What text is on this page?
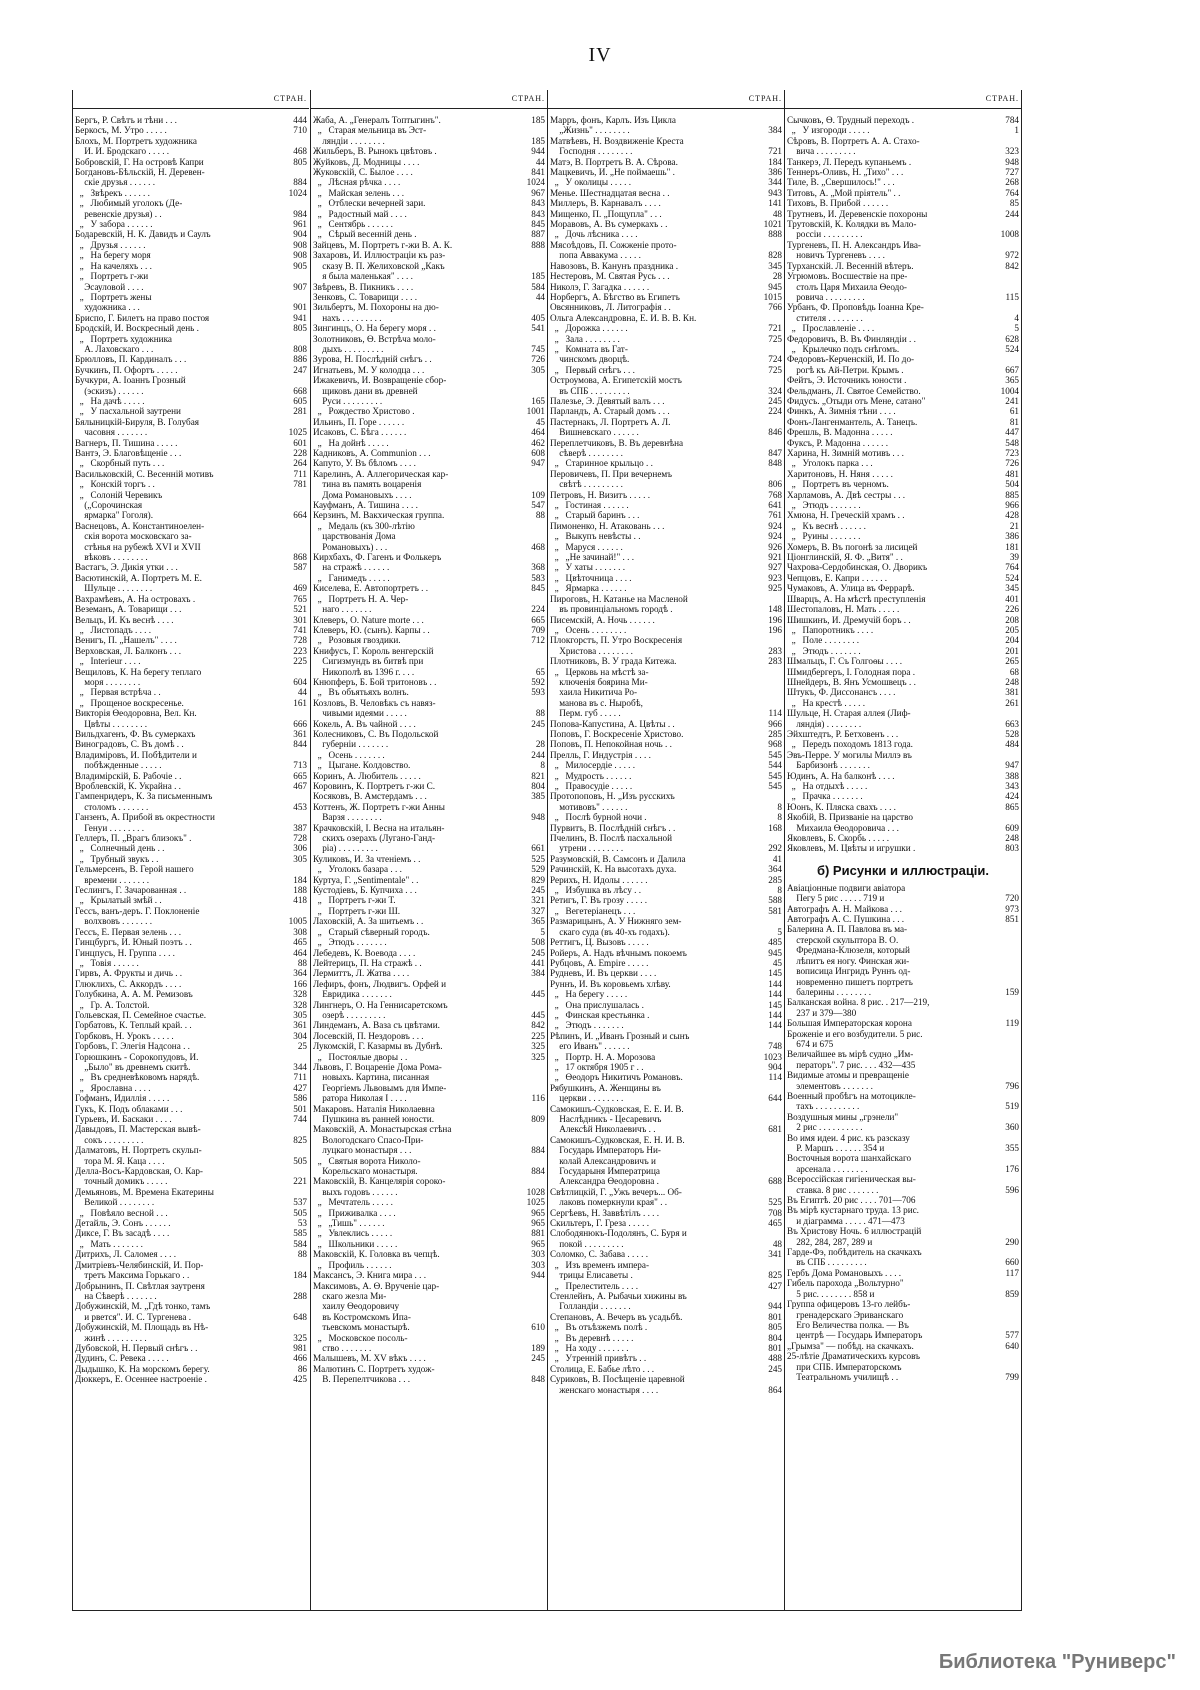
IV
СТРАН.
Бергъ, Р. Свѣтъ и тѣни . . .	444
Беркосъ, М. Утро . . . . .	710
Блохъ, М. Портретъ художника
И. И. Бродскаго . . . . .	468
Бобровскій, Г. На островѣ Капри	805
Богдановъ-Бѣльскій, Н. Деревен-
скіе друзья . . . . . .	884
„   Звѣрекъ . . . . . .	1024
„   Любимый уголокъ (Де-
ревенскіе друзья) . .	984
„   У забора . . . . . .	961
Бодаревскій, Н. К. Давидъ и Саулъ	904
„   Друзья . . . . . .	908
„   На берегу моря	908
„   На качеляхъ . . .	905
„   Портретъ г-жи
Эсауловой . . . .	907
„   Портретъ жены
художника . . .	901
Бриспо, Г. Билетъ на право постоя	941
Бродскій, И. Воскресный день .	805
„   Портретъ художника
А. Лаховскаго . . .	808
Брюлловъ, П. Кардиналъ . . .	886
Бучкинъ, П. Офортъ . . . . .	247
Бучкури, А. Іоаннъ Грозный
(эскизъ) . . . . . .	668
„   На дачѣ . . . . .	605
„   У пасхальной заутрени	281
Бялыницкій-Бируля, В. Голубая
часовня . . . . . . .	1025
Вагнеръ, П. Тишина . . . . .	601
Вантэ, Э. Благовѣщеніе . . .	228
„   Скорбный путь . . .	264
Васильковскій, С. Весенній мотивъ	711
„   Конскій торгъ . .	781
„   Солоній Черевикъ
(„Сорочинская
ярмарка" Гоголя).	664
Васнецовъ, А. Константиноелен-
скія ворота московскаго за-
стѣнья на рубежѣ XVI и XVII
вѣковъ . . . . . . . .	868
Вастагъ, Э. Дикія утки . . .	587
Васютинскій, А. Портретъ М. Е.
Шульце . . . . . . . .	469
Вахрамѣевъ, А. На островахъ .	765
Веземанъ, А. Товарищи . . .	521
Вельцъ, И. Къ веснѣ . . . .	301
„   Листопадъ . . . .	741
Венигъ, П. „Нашелъ" . . . .	728
Верховская, Л. Балконъ . . .	223
„   Interieur . . . .	225
Вещиловъ, К. На берегу теплаго
моря . . . . . . . .	604
„   Первая встрѣча . .	44
„   Прощеное воскресенье.	161
Викторія Ѳеодоровна, Вел. Кн.
Цвѣты . . . . . . . .	666
Вильдхагенъ, Ф. Въ сумеркахъ	361
Виноградовъ, С. Въ домѣ . .	844
Владиміровъ, И. Побѣдители и
побѣжденные . . . . .	713
Владимірскій, Б. Рабочіе . .	665
Вроблевскій, К. Украйна . .	467
Гампенридеръ, К. За письменнымъ
столомъ . . . . . . .	453
Ганзенъ, А. Прибой въ окрестности
Генуи . . . . . . . .	387
Геллеръ, П. „Врагъ близокъ" .	728
„   Солнечный день . .	306
„   Трубный звукъ . .	305
Гельмерсенъ, В. Герой нашего
времени . . . . . . .	184
Геслингъ, Г. Зачарованная . .	188
„   Крылатый змѣй . .	418
Гессъ, ванъ-деръ. Г. Поклоненіе
волхвовъ . . . . . . .	1005
Гессъ, Е. Первая зелень . . .	308
Гинцбургъ, И. Юный поэтъ . .	465
Гинцпусъ, Н. Группа . . . .	464
„   Товія . . . . . .	88
Гирвъ, А. Фрукты и дичь . .	364
Глюклихъ, С. Аккордъ . . . .	166
Голубкина, А. А. М. Ремизовъ	328
„   Гр. А. Толстой.	328
Гольевская, П. Семейное счастье.	305
Горбатовъ, К. Теплый край. . .	361
Горбковъ, Н. Урокъ . . . . .	304
Горбовъ, Г. Элегія Надсона . .	25
Горюшкинъ - Сорокопудовъ, И.
„Было" въ древнемъ скитѣ.	344
„   Въ средневѣковомъ нарядѣ.	711
„   Ярославна . . . .	427
Гофманъ, Идиллія . . . . .	586
Гукъ, К. Подъ облаками . . .	501
Гурьевъ, И. Баскаки . . . .	744
Давыдовъ, П. Мастерская вывѣ-
сокъ . . . . . . . . .	825
Далматовъ, Н. Портретъ скульп-
тора М. Я. Каца . . . .	505
Делла-Восъ-Кардовская, О. Кар-
точный домикъ . . . . .	221
Демьяновъ, М. Времена Екатерины
Великой . . . . . . . .	537
„   Повѣяло весной . . .	505
Детайль, Э. Сонъ . . . . . .	53
Диксе, Г. Въ засадѣ . . . .	585
„   Мать . . . . . . .	584
Дитрихъ, Л. Саломея . . . .	88
Дмитріевъ-Челябинскій, И. Пор-
третъ Максима Горькаго . .	184
Добрынинъ, П. Свѣтлая заутреня
на Сѣверѣ . . . . . . .	288
Добужинскій, М. „Гдѣ тонко, тамъ
и рвется". И. С. Тургенева .	648
Добужинскій, М. Площадь въ Нѣ-
жинѣ . . . . . . . . .	325
Дубовской, Н. Первый снѣгъ . .	981
Дудинъ, С. Ревека . . . . .	466
Дыдышко, К. На морскомъ берегу.	86
Дюккеръ, Е. Осеннее настроеніе .	425
СТРАН.
Жаба, А. „Генералъ Топтыгинъ".	185
„   Старая мельница въ Эст-
ляндіи . . . . . . . .	185
Жильберъ, В. Рынокъ цвѣтовъ .	944
Жуйковъ, Д. Модницы . . . .	44
Жуковскій, С. Былое . . . .	841
„   Лѣсная рѣчка . . . .	1024
„   Майская зелень . . .	967
„   Отблески вечерней зари.	843
„   Радостный май . . . .	843
„   Сентябрь . . . . . .	845
„   Сѣрый весенній день .	887
Зайцевъ, М. Портретъ г-жи В. А. К.	888
Захаровъ, И. Иллюстраціи къ раз-
сказу В. П. Желиховской „Какъ
я была маленькая" . . . .	185
Звѣревъ, В. Пикникъ . . . .	584
Зенковъ, С. Товарищи . . . .	44
Зильбертъ, М. Похороны на дю-
нахъ . . . . . . . . .	405
Зингинцъ, О. На берегу моря . .	541
Золотниковъ, Ѳ. Встрѣча моло-
дыхъ . . . . . . . . .	745
Зурова, Н. Послѣдній снѣгъ . .	726
Игнатьевъ, М. У колодца . . .	305
Ижакевичъ, И. Возвращеніе сбор-
щиковъ дани въ древней
Руси . . . . . . . . .	165
„   Рождество Христово .	1001
Ильинъ, П. Горе . . . . . .	45
Исаковъ, С. Бѣга . . . . . .	464
„   На дойнѣ . . . . .	462
Кадниковъ, А. Communion . . .	608
Капуто, У. Въ бѣломъ . . . .	947
Карелинъ, А. Аллегорическая кар-
тина въ память воцаренія
Дома Романовыхъ . . . .	109
Кауфманъ, А. Тишина . . . .	547
Керзинъ, М. Вакхическая группа.	88
„   Медаль (къ 300-лѣтію
царствованія Дома
Романовыхъ) . . .	468
Кирхбахъ, Ф. Гагенъ и Фолькеръ
на стражѣ . . . . . .	368
„   Ганимедъ . . . . .	583
Киселева, Е. Автопортретъ . .	845
„   Портретъ Н. А. Чер-
наго . . . . . . .	224
Клеверъ, О. Nature morte . . .	665
Клеверъ, Ю. (сынъ). Карпы . .	709
„   Розовыя гвоздики.	712
Книфусъ, Г. Король венгерскій
Сигизмундъ въ битвѣ при
Никополѣ въ 1396 г. . . .	65
Кнюпферъ, Б. Бой тритоновъ . .	592
„   Въ объятьяхъ волнъ.	593
Козловъ, В. Человѣкъ съ навяз-
чивыми идеями . . . . .	88
Кокель, А. Въ чайной . . . .	245
Колесниковъ, С. Въ Подольской
губерніи . . . . . . .	28
„   Осень . . . . . . .	244
„   Цыгане. Колдовство.	8
Коринъ, А. Любитель . . . . .	821
Коровинъ, К. Портретъ г-жи С.	804
Косяковъ, В. Амстердамъ . . .	385
Коттенъ, Ж. Портретъ г-жи Анны
Варзя . . . . . . . .	948
Крачковскій, І. Весна на итальян-
скихъ озерахъ (Лугано-Ганд-
ріа) . . . . . . . . .	661
Куликовъ, И. За чтеніемъ . .	525
„   Уголокъ базара . . .	529
Куртуа, Г. „Sentimentale" . .	829
Кустодіевъ, Б. Купчиха . . .	245
„   Портретъ г-жи Т.	321
„   Портретъ г-жи Ш.	327
Лаховскій, А. За шитьемъ . .	365
„   Старый сѣверный городъ.	5
„   Этюдъ . . . . . . .	508
Лебедевъ, К. Воевода . . . .	245
Лейтерицъ, П. На стражѣ . .	441
Лермиттъ, Л. Жатва . . . .	384
Лефиръ, фонъ, Людвигъ. Орфей и
Евридика . . . . . . .	445
Лингнеръ, О. На Геннисаретскомъ
озерѣ . . . . . . . . .	445
Линдеманъ, А. Ваза съ цвѣтами.	842
Лосевскій, П. Нездоровъ . . .	225
Лукомскій, Г. Казармы въ Дубнѣ.	325
„   Постоялые дворы . .	325
Львовъ, Г. Воцареніе Дома Рома-
новыхъ. Картина, писанная
Георгіемъ Львовымъ для Импе-
ратора Николая I . . . .	116
Макаровъ. Наталія Николаевна
Пушкина въ ранней юности.	809
Маковскій, А. Монастырская стѣна
Вологодскаго Спасо-При-
луцкаго монастыря . . .	884
„   Святыя ворота Николо-
Корельскаго монастыря.	884
Маковскій, В. Канцелярія сороко-
выхъ годовъ . . . . . .	1028
„   Мечтатель . . . . .	1025
„   Приживалка . . . .	965
„   „Тишь" . . . . . .	965
„   Увлеклись . . . . .	881
„   Школьники . . . . .	965
Маковскій, К. Головка въ чепцѣ.	303
„   Профиль . . . . . .	303
Максансъ, Э. Книга мира . . .	944
Максимовъ, А. Ѳ. Врученіе цар-
скаго жезла Ми-
хаилу Ѳеодоровичу
въ Костромскомъ Ипа-
тьевскомъ монастырѣ.	610
„   Московское посоль-
ство . . . . . . .	189
Малышевъ, М. XV вѣкъ . . . .	245
Малютинъ С. Портретъ худож-
В. Перепелтчикова . . .	848
СТРАН.
Марръ, фонъ, Карлъ. Изъ Цикла
„Жизнь" . . . . . . . .	384
Матвѣевъ, Н. Воздвиженіе Креста
Господня . . . . . . . .	721
Матэ, В. Портретъ В. А. Сѣрова.	184
Мацкевичъ, И. „Не поймаешь" .	386
„   У околицы . . . . .	344
Менье. Шестнадцатая весна . .	943
Миллеръ, В. Карнавалъ . . . .	141
Мищенко, П. „Пощупла" . . .	48
Моравовъ, А. Въ сумеркахъ . .	1021
„   Дочь лѣсника . . . .	888
Мясоѣдовъ, П. Сожженіе прото-
попа Аввакума . . . . .	828
Навозовъ, В. Канунъ праздника .	345
Нестеровъ, М. Святая Русь . . .	28
Николэ, Г. Загадка . . . . . .	945
Норбергъ, А. Бѣгство въ Египетъ	1015
Овсянниковъ, Л. Литографія . .	766
Ольга Александровна, Е. И. В. В. Кн.
„   Дорожка . . . . . .	721
„   Зала . . . . . . . .	725
„   Комната въ Гат-
чинскомъ дворцѣ.	724
„   Первый снѣгъ . . .	725
Остроумова, А. Египетскій мостъ
въ СПБ . . . . . . . . .	324
Палезье, Э. Девятый валъ . . .	245
Парландъ, А. Старый домъ . . .	224
Пастернакъ, Л. Портретъ А. Л.
Вишневскаго . . . . . .	846
Переплетчиковъ, В. Въ деревнѣна
сѣверѣ . . . . . . . .	847
„   Старинное крыльцо . .	848
Перовичевъ, П. При вечернемъ
свѣтѣ . . . . . . . . .	806
Петровъ, Н. Визитъ . . . . .	768
„   Гостиная . . . . . .	641
„   Старый баринъ . . .	761
Пимоненко, Н. Атаковань . . .	924
„   Выкупъ невѣсты . .	924
„   Маруся . . . . . .	926
„   „Не зачинай!" . . .	921
„   У хаты . . . . . . .	927
„   Цвѣточница . . . .	923
„   Ярмарка . . . . . .	925
Пироговъ, Н. Катанье на Масленой
въ провинціальномъ городѣ .	148
Писемскій, А. Ночь . . . . . .	196
„   Осень . . . . . . . .	196
Плокгорстъ, П. Утро Воскресенія
Христова . . . . . . . .	283
Плотниковъ, В. У града Китежа.	283
„   Церковь на мѣстѣ за-
ключенія боярина Ми-
хаила Никитича Ро-
манова въ с. Ныробѣ,
Перм. губ . . . . .	114
Попова-Капустина, А. Цвѣты . .	966
Поповъ, Г. Воскресеніе Христово.	285
Поповъ, П. Непокойная ночь . .	968
Прелль, Г. Индустрія . . . .	545
„   Милосердіе . . . . .	544
„   Мудрость . . . . . .	545
„   Правосудіе . . . . .	545
Протопоповъ, Н. „Изъ русскихъ
мотивовъ" . . . . . .	8
„   Послѣ бурной ночи .	8
Пурвитъ, В. Послѣдній снѣгъ . .	168
Пчелинъ, В. Послѣ пасхальной
утрени . . . . . . . .	292
Разумовскій, В. Самсонъ и Далила	41
Рачинскій, К. На высотахъ духа.	364
Рерихъ, Н. Идолы . . . . . .	285
„   Избушка въ лѣсу . .	8
Ретигъ, Г. Въ грозу . . . . .	588
„   Вегетеріанецъ . . .	581
Размарицынъ, А. У Нижняго зем-
скаго суда (въ 40-хъ годахъ).	5
Реттигъ, Ц. Вызовъ . . . . .	485
Ройеръ, А. Надъ вѣчнымъ покоемъ	945
Рубцовъ, А. Empire . . . . .	45
Рудневъ, И. Въ церкви . . . .	145
Руннъ, И. Въ коровьемъ хлѣву.	144
„   На берегу . . . . .	144
„   Она прислушалась .	145
„   Финская крестьянка .	144
„   Этюдъ . . . . . . .	144
Рѣпинъ, И. „Иванъ Грозный и сынъ
его Иванъ" . . . . . .	748
„   Портр. Н. А. Морозова	1023
„   17 октября 1905 г . .	904
„   Ѳеодоръ Никитичъ Романовъ.	114
Рябушкинъ, А. Женщины въ
церкви . . . . . . . .	644
Самокишъ-Судковская, Е. Е. И. В.
Наслѣдникъ - Цесаревичъ
Алексѣй Николаевичъ . .	681
Самокишъ-Судковская, Е. Н. И. В.
Государь Императоръ Ни-
колай Александровичъ и
Государыня Императрица
Александра Ѳеодоровна .	688
Свѣтлицкій, Г. „Ужъ вечеръ... Об-
лаковъ померкнули края" . .	525
Сергѣевъ, Н. Заввѣтілъ . . . .	708
Скильтеръ, Г. Греза . . . . .	465
Слободянюкъ-Подолянъ, С. Буря и
покой . . . . . . . . .	48
Соломко, С. Забава . . . . .	341
„   Изъ временъ импера-
трицы Елисаветы .	825
„   Прелеститель . . . .	427
Стенлейнъ, А. Рыбачьи хижины въ
Голландіи . . . . . . .	944
Степановъ, А. Вечеръ въ усадьбѣ.	801
„   Въ отъѣзжемъ полѣ .	805
„   Въ деревнѣ . . . . .	804
„   На ходу . . . . . . .	801
„   Утренній привѣтъ . .	488
Столица, Е. Бабье лѣто . . .	245
Суриковъ, В. Посѣщеніе царевной
женскаго монастыря . . . .	864
СТРАН.
Сычковъ, Ѳ. Трудный переходъ .	784
„   У изгороди . . . . .	1
Сѣровъ, В. Портретъ А. А. Стахо-
вича . . . . . . . . .	323
Танкерэ, Л. Передъ купаньемъ .	948
Теннеръ-Оливъ, Н. „Тихо" . . .	727
Тиле, В. „Свершилось!" . . .	268
Титовъ, А. „Мой пріятель" . .	764
Тиховъ, В. Прибой . . . . . .	85
Трутневъ, И. Деревенскіе похороны	244
Трутовскій, К. Колядки въ Мало-
россіи . . . . . . . . .	1008
Тургеневъ, П. Н. Александръ Ива-
новичъ Тургеневъ . . . .	972
Турханскій. Л. Весенній вѣтеръ.	842
Угрюмовъ. Восшествіе на пре-
столъ Царя Михаила Ѳеодо-
ровича . . . . . . . . .	115
Урбанъ, Ф. Проповѣдь Іоанна Кре-
стителя . . . . . . . .	4
„   Прославленіе . . . .	5
Федоровичъ, В. Въ Финляндіи . .	628
„   Крылечко подъ снѣгомъ.	524
Федоровъ-Керченскій, И. По до-
рогѣ къ Ай-Петри. Крымъ .	667
Фейтъ, Э. Источникъ юности .	365
Фельдманъ, Л. Святое Семейство.	1004
Фидусъ. „Отыди отъ Мене, сатано"	241
Финкъ, А. Зимнія тѣни . . . .	61
Фонъ-Лангенмантель, А. Танецъ.	81
Фрешль, В. Мадонна . . . . .	447
Фуксъ, Р. Мадонна . . . . . .	548
Харина, Н. Зимній мотивъ . . .	723
„   Уголокъ парка . . .	726
Харитоновъ, Н. Няня . . . . .	481
„   Портретъ въ черномъ.	504
Харламовъ, А. Двѣ сестры . . .	885
„   Этюдъ . . . . . . .	966
Хмюна, Н. Греческій храмъ . .	428
„   Къ веснѣ . . . . . .	21
„   Руины . . . . . . .	386
Хомеръ, В. Въ погонѣ за лисицей	181
Ціонглинскій, Я. Ф. „Витя" . .	39
Чахрова-Сердобинская, О. Дворикъ	764
Чепцовъ, Е. Капри . . . . . .	524
Чумаковъ, А. Улица въ Феррарѣ.	345
Шварцъ, А. На мѣстѣ преступленія	401
Шестопаловъ, Н. Мать . . . . .	226
Шишкинъ, И. Дремучій боръ . .	208
„   Папоротникъ . . . .	205
„   Поле . . . . . . . .	204
„   Этюдъ . . . . . . .	201
Шмальцъ, Г. Съ Голгоѳы . . . .	265
Шмидбергеръ, І. Голодная пора .	68
Шнейдеръ, В. Янъ Усмошвецъ . .	248
Штукъ, Ф. Диссонансъ . . . .	381
„   На крестѣ . . . . .	261
Шульце, Н. Старая аллея (Лиф-
ляндія) . . . . . . . .	663
Эйхштедтъ, Р. Бетховенъ . . .	528
„   Передъ походомъ 1813 года.	484
Эвъ-Перре. У могилы Миллэ въ
Барбизонѣ . . . . . . .	947
Юдинъ, А. На балконѣ . . . .	388
„   На отдыхѣ . . . . .	343
„   Прачка . . . . . . .	424
Юонъ, К. Пляска свахъ . . . .	865
Якобій, В. Призваніе на царство
Михаила Ѳеодоровича . . .	609
Яковлевъ, Б. Скорбь . . . . .	248
Яковлевъ, М. Цвѣты и игрушки .	803
б) Рисунки и иллюстраціи.
Авіаціонные подвиги авіатора
Пегу 5 рис . . . . . 719 и	720
Автографъ А. Н. Майкова . . .	973
Автографъ А. С. Пушкина . . .	851
Балерина А. П. Павлова въ ма-
стерской скульптора В. О.
Фредмана-Клюзеля, который
лѣпитъ ея ногу. Финская жи-
вописица Ингридъ Руннъ од-
новременно пишетъ портретъ
балерины . . . . . . . .	159
Балканская война. 8 рис. . 217—219,
237 и 379—380
Большая Императорская корона	119
Броженіе и его возбудители. 5 рис.
674 и 675
Величайшее въ мірѣ судно „Им-
ператоръ". 7 рис. . . . 432—435
Видимые атомы и превращеніе
элементовъ . . . . . . .	796
Военный пробѣгъ на мотоцикле-
тахъ . . . . . . . . . .	519
Воздушныя мины „грэнели"
2 рис . . . . . . . . . .	360
Во имя идеи. 4 рис. къ разсказу
Р. Маршъ . . . . . . 354 и	355
Восточныя ворота шанхайскаго
арсенала . . . . . . . .	176
Всероссійская гигіеническая вы-
ставка. 8 рис . . . . . . .	596
Въ Египтѣ. 20 рис . . . . 701—706
Въ мірѣ кустарнаго труда. 13 рис.
и діаграмма . . . . . 471—473
Въ Христову Ночь. 6 иллюстрацій
282, 284, 287, 289 и	290
Гарде-Фэ, побѣдитель на скачкахъ
въ СПБ . . . . . . . . .	660
Гербъ Дома Романовыхъ . . . .	117
Гибель парохода „Вольтурно"
5 рис. . . . . . . . 858 и	859
Группа офицеровъ 13-го лейбъ-
гренадерскаго Эриванскаго
Его Величества полка. — Въ
центрѣ — Государь Императоръ	577
„Грымза" — побѣд. на скачкахъ.	640
25-лѣтіе Драматическихъ курсовъ
при СПБ. Императорскомъ
Театральномъ училищѣ . .	799
Библиотека "Руниверс"
